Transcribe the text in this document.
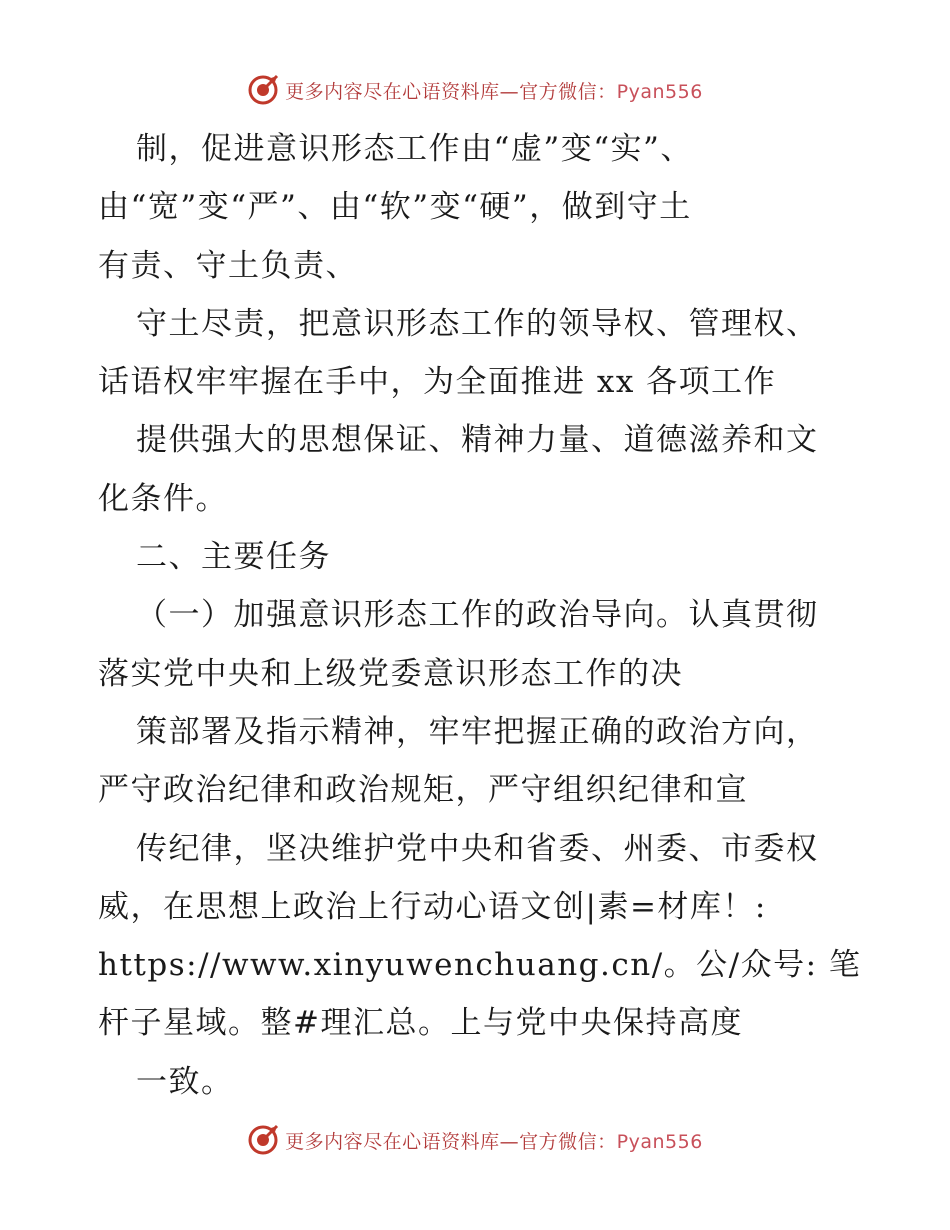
更多内容尽在心语资料库—官方微信：Pyan556
制，促进意识形态工作由“虚”变“实”、
由“宽”变“严”、由“软”变“硬”，做到守土
有责、守土负责、
守土尽责，把意识形态工作的领导权、管理权、
话语权牢牢握在手中，为全面推进 xx 各项工作
提供强大的思想保证、精神力量、道德滋养和文
化条件。
二、主要任务
（一）加强意识形态工作的政治导向。认真贯彻
落实党中央和上级党委意识形态工作的决
策部署及指示精神，牢牢把握正确的政治方向，
严守政治纪律和政治规矩，严守组织纪律和宣
传纪律，坚决维护党中央和省委、州委、市委权
威，在思想上政治上行动心语文创|素=材库！:
https://www.xinyuwenchuang.cn/。公/众号: 笔
杆子星域。整#理汇总。上与党中央保持高度
一致。
更多内容尽在心语资料库—官方微信：Pyan556
